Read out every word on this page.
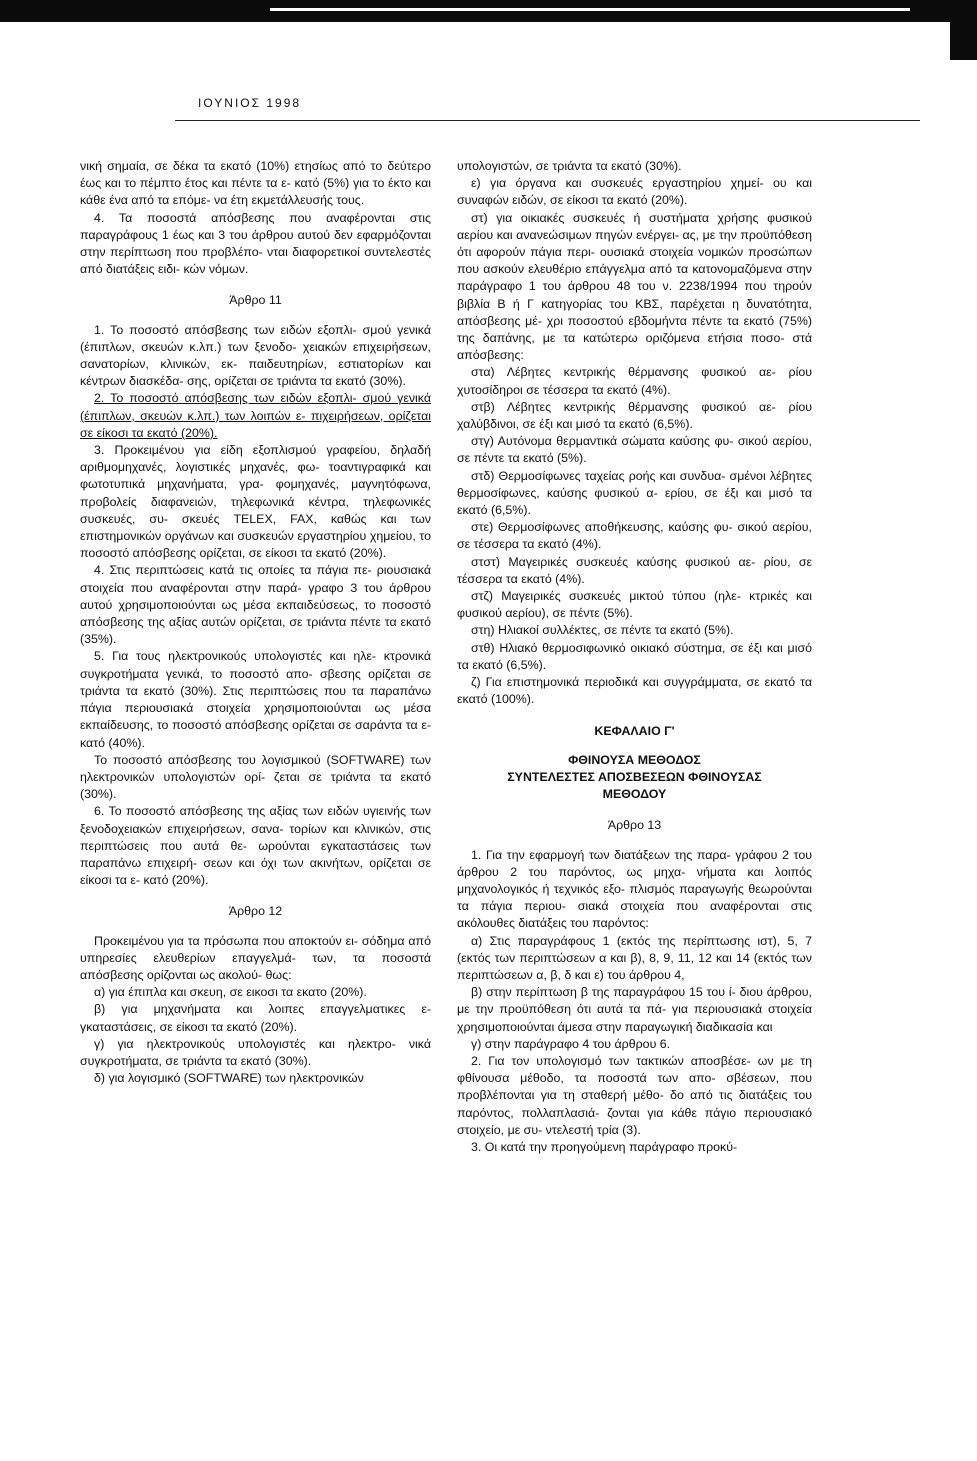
ΙΟΥΝΙΟΣ 1998

νική σημαία, σε δέκα τα εκατό (10%) ετησίως από το δεύτερο έως και το πέμπτο έτος και πέντε τα ε- κατό (5%) για το έκτο και κάθε ένα από τα επόμε- να έτη εκμετάλλευσής τους.

4. Τα ποσοστά απόσβεσης που αναφέρονται στις παραγράφους 1 έως και 3 του άρθρου αυτού δεν εφαρμόζονται στην περίπτωση που προβλέπο- νται διαφορετικοί συντελεστές από διατάξεις ειδι- κών νόμων.

Άρθρο 11

1. Το ποσοστό απόσβεσης των ειδών εξοπλι- σμού γενικά (έπιπλων, σκευών κ.λπ.) των ξενοδο- χειακών επιχειρήσεων, σανατορίων, κλινικών, εκ- παιδευτηρίων, εστιατορίων και κέντρων διασκέδα- σης, ορίζεται σε τριάντα τα εκατό (30%).

2. Το ποσοστό απόσβεσης των ειδών εξοπλι- σμού γενικά (έπιπλων, σκευών κ.λπ.) των λοιπών ε- πιχειρήσεων, ορίζεται σε είκοσι τα εκατό (20%).

3. Προκειμένου για είδη εξοπλισμού γραφείου, δηλαδή αριθμομηχανές, λογιστικές μηχανές, φω- τοαντιγραφικά και φωτοτυπικά μηχανήματα, γρα- φομηχανές, μαγνητόφωνα, προβολείς διαφανειών, τηλεφωνικά κέντρα, τηλεφωνικές συσκευές, συ- σκευές TELEX, FAX, καθώς και των επιστημονικών οργάνων και συσκευών εργαστηρίου χημείου, το ποσοστό απόσβεσης ορίζεται, σε είκοσι τα εκατό (20%).

4. Στις περιπτώσεις κατά τις οποίες τα πάγια πε- ριουσιακά στοιχεία που αναφέρονται στην παρά- γραφο 3 του άρθρου αυτού χρησιμοποιούνται ως μέσα εκπαιδεύσεως, το ποσοστό απόσβεσης της αξίας αυτών ορίζεται, σε τριάντα πέντε τα εκατό (35%).

5. Για τους ηλεκτρονικούς υπολογιστές και ηλε- κτρονικά συγκροτήματα γενικά, το ποσοστό απο- σβεσης ορίζεται σε τριάντα τα εκατό (30%). Στις περιπτώσεις που τα παραπάνω πάγια περιουσιακά στοιχεία χρησιμοποιούνται ως μέσα εκπαίδευσης, το ποσοστό απόσβεσης ορίζεται σε σαράντα τα ε- κατό (40%).

Το ποσοστό απόσβεσης του λογισμικού (SOFTWARE) των ηλεκτρονικών υπολογιστών ορί- ζεται σε τριάντα τα εκατό (30%).

6. Το ποσοστό απόσβεσης της αξίας των ειδών υγιεινής των ξενοδοχειακών επιχειρήσεων, σανα- τορίων και κλινικών, στις περιπτώσεις που αυτά θε- ωρούνται εγκαταστάσεις των παραπάνω επιχειρή- σεων και όχι των ακινήτων, ορίζεται σε είκοσι τα ε- κατό (20%).

Άρθρο 12

Προκειμένου για τα πρόσωπα που αποκτούν ει- σόδημα από υπηρεσίες ελευθερίων επαγγελμά- των, τα ποσοστά απόσβεσης ορίζονται ως ακολού- θως:

α) για έπιπλα και σκευη, σε εικοσι τα εκατο (20%).

β) για μηχανήματα και λοιπες επαγγελματικες ε- γκαταστάσεις, σε είκοσι τα εκατό (20%).

γ) για ηλεκτρονικούς υπολογιστές και ηλεκτρο- νικά συγκροτήματα, σε τριάντα τα εκατό (30%).

δ) για λογισμικό (SOFTWARE) των ηλεκτρονικών

υπολογιστών, σε τριάντα τα εκατό (30%).

ε) για όργανα και συσκευές εργαστηρίου χημεί- ου και συναφών ειδών, σε είκοσι τα εκατό (20%).

στ) για οικιακές συσκευές ή συστήματα χρήσης φυσικού αερίου και ανανεώσιμων πηγών ενέργει- ας, με την προϋπόθεση ότι αφορούν πάγια περι- ουσιακά στοιχεία νομικών προσώπων που ασκούν ελευθέριο επάγγελμα από τα κατονομαζόμενα στην παράγραφο 1 του άρθρου 48 του ν. 2238/1994 που τηρούν βιβλία Β ή Γ κατηγορίας του ΚΒΣ, παρέχεται η δυνατότητα, απόσβεσης μέ- χρι ποσοστού εβδομήντα πέντε τα εκατό (75%) της δαπάνης, με τα κατώτερω οριζόμενα ετήσια ποσο- στά απόσβεσης:

στα) Λέβητες κεντρικής θέρμανσης φυσικού αε- ρίου χυτοσίδηροι σε τέσσερα τα εκατό (4%).

στβ) Λέβητες κεντρικής θέρμανσης φυσικού αε- ρίου χαλύβδινοι, σε έξι και μισό τα εκατό (6,5%).

στγ) Αυτόνομα θερμαντικά σώματα καύσης φυ- σικού αερίου, σε πέντε τα εκατό (5%).

στδ) Θερμοσίφωνες ταχείας ροής και συνδυα- σμένοι λέβητες θερμοσίφωνες, καύσης φυσικού α- ερίου, σε έξι και μισό τα εκατό (6,5%).

στε) Θερμοσίφωνες αποθήκευσης, καύσης φυ- σικού αερίου, σε τέσσερα τα εκατό (4%).

στστ) Μαγειρικές συσκευές καύσης φυσικού αε- ρίου, σε τέσσερα τα εκατό (4%).

στζ) Μαγειρικές συσκευές μικτού τύπου (ηλε- κτρικές και φυσικού αερίου), σε πέντε (5%).

στη) Ηλιακοί συλλέκτες, σε πέντε τα εκατό (5%).

στθ) Ηλιακό θερμοσιφωνικό οικιακό σύστημα, σε έξι και μισό τα εκατό (6,5%).

ζ) Για επιστημονικά περιοδικά και συγγράμματα, σε εκατό τα εκατό (100%).

ΚΕΦΑΛΑΙΟ Γ'
ΦΘΙΝΟΥΣΑ ΜΕΘΟΔΟΣ
ΣΥΝΤΕΛΕΣΤΕΣ ΑΠΟΣΒΕΣΕΩΝ ΦΘΙΝΟΥΣΑΣ
ΜΕΘΟΔΟΥ
Άρθρο 13

1. Για την εφαρμογή των διατάξεων της παρα- γράφου 2 του άρθρου 2 του παρόντος, ως μηχα- νήματα και λοιπός μηχανολογικός ή τεχνικός εξο- πλισμός παραγωγής θεωρούνται τα πάγια περιου- σιακά στοιχεία που αναφέρονται στις ακόλουθες διατάξεις του παρόντος:

α) Στις παραγράφους 1 (εκτός της περίπτωσης ιστ), 5, 7 (εκτός των περιπτώσεων α και β), 8, 9, 11, 12 και 14 (εκτός των περιπτώσεων α, β, δ και ε) του άρθρου 4,

β) στην περίπτωση β της παραγράφου 15 του ί- διου άρθρου, με την προϋπόθεση ότι αυτά τα πά- για περιουσιακά στοιχεία χρησιμοποιούνται άμεσα στην παραγωγική διαδικασία και

γ) στην παράγραφο 4 του άρθρου 6.

2. Για τον υπολογισμό των τακτικών αποσβέσε- ων με τη φθίνουσα μέθοδο, τα ποσοστά των απο- σβέσεων, που προβλέπονται για τη σταθερή μέθο- δο από τις διατάξεις του παρόντος, πολλαπλασιά- ζονται για κάθε πάγιο περιουσιακό στοιχείο, με συ- ντελεστή τρία (3).

3. Οι κατά την προηγούμενη παράγραφο προκύ-
